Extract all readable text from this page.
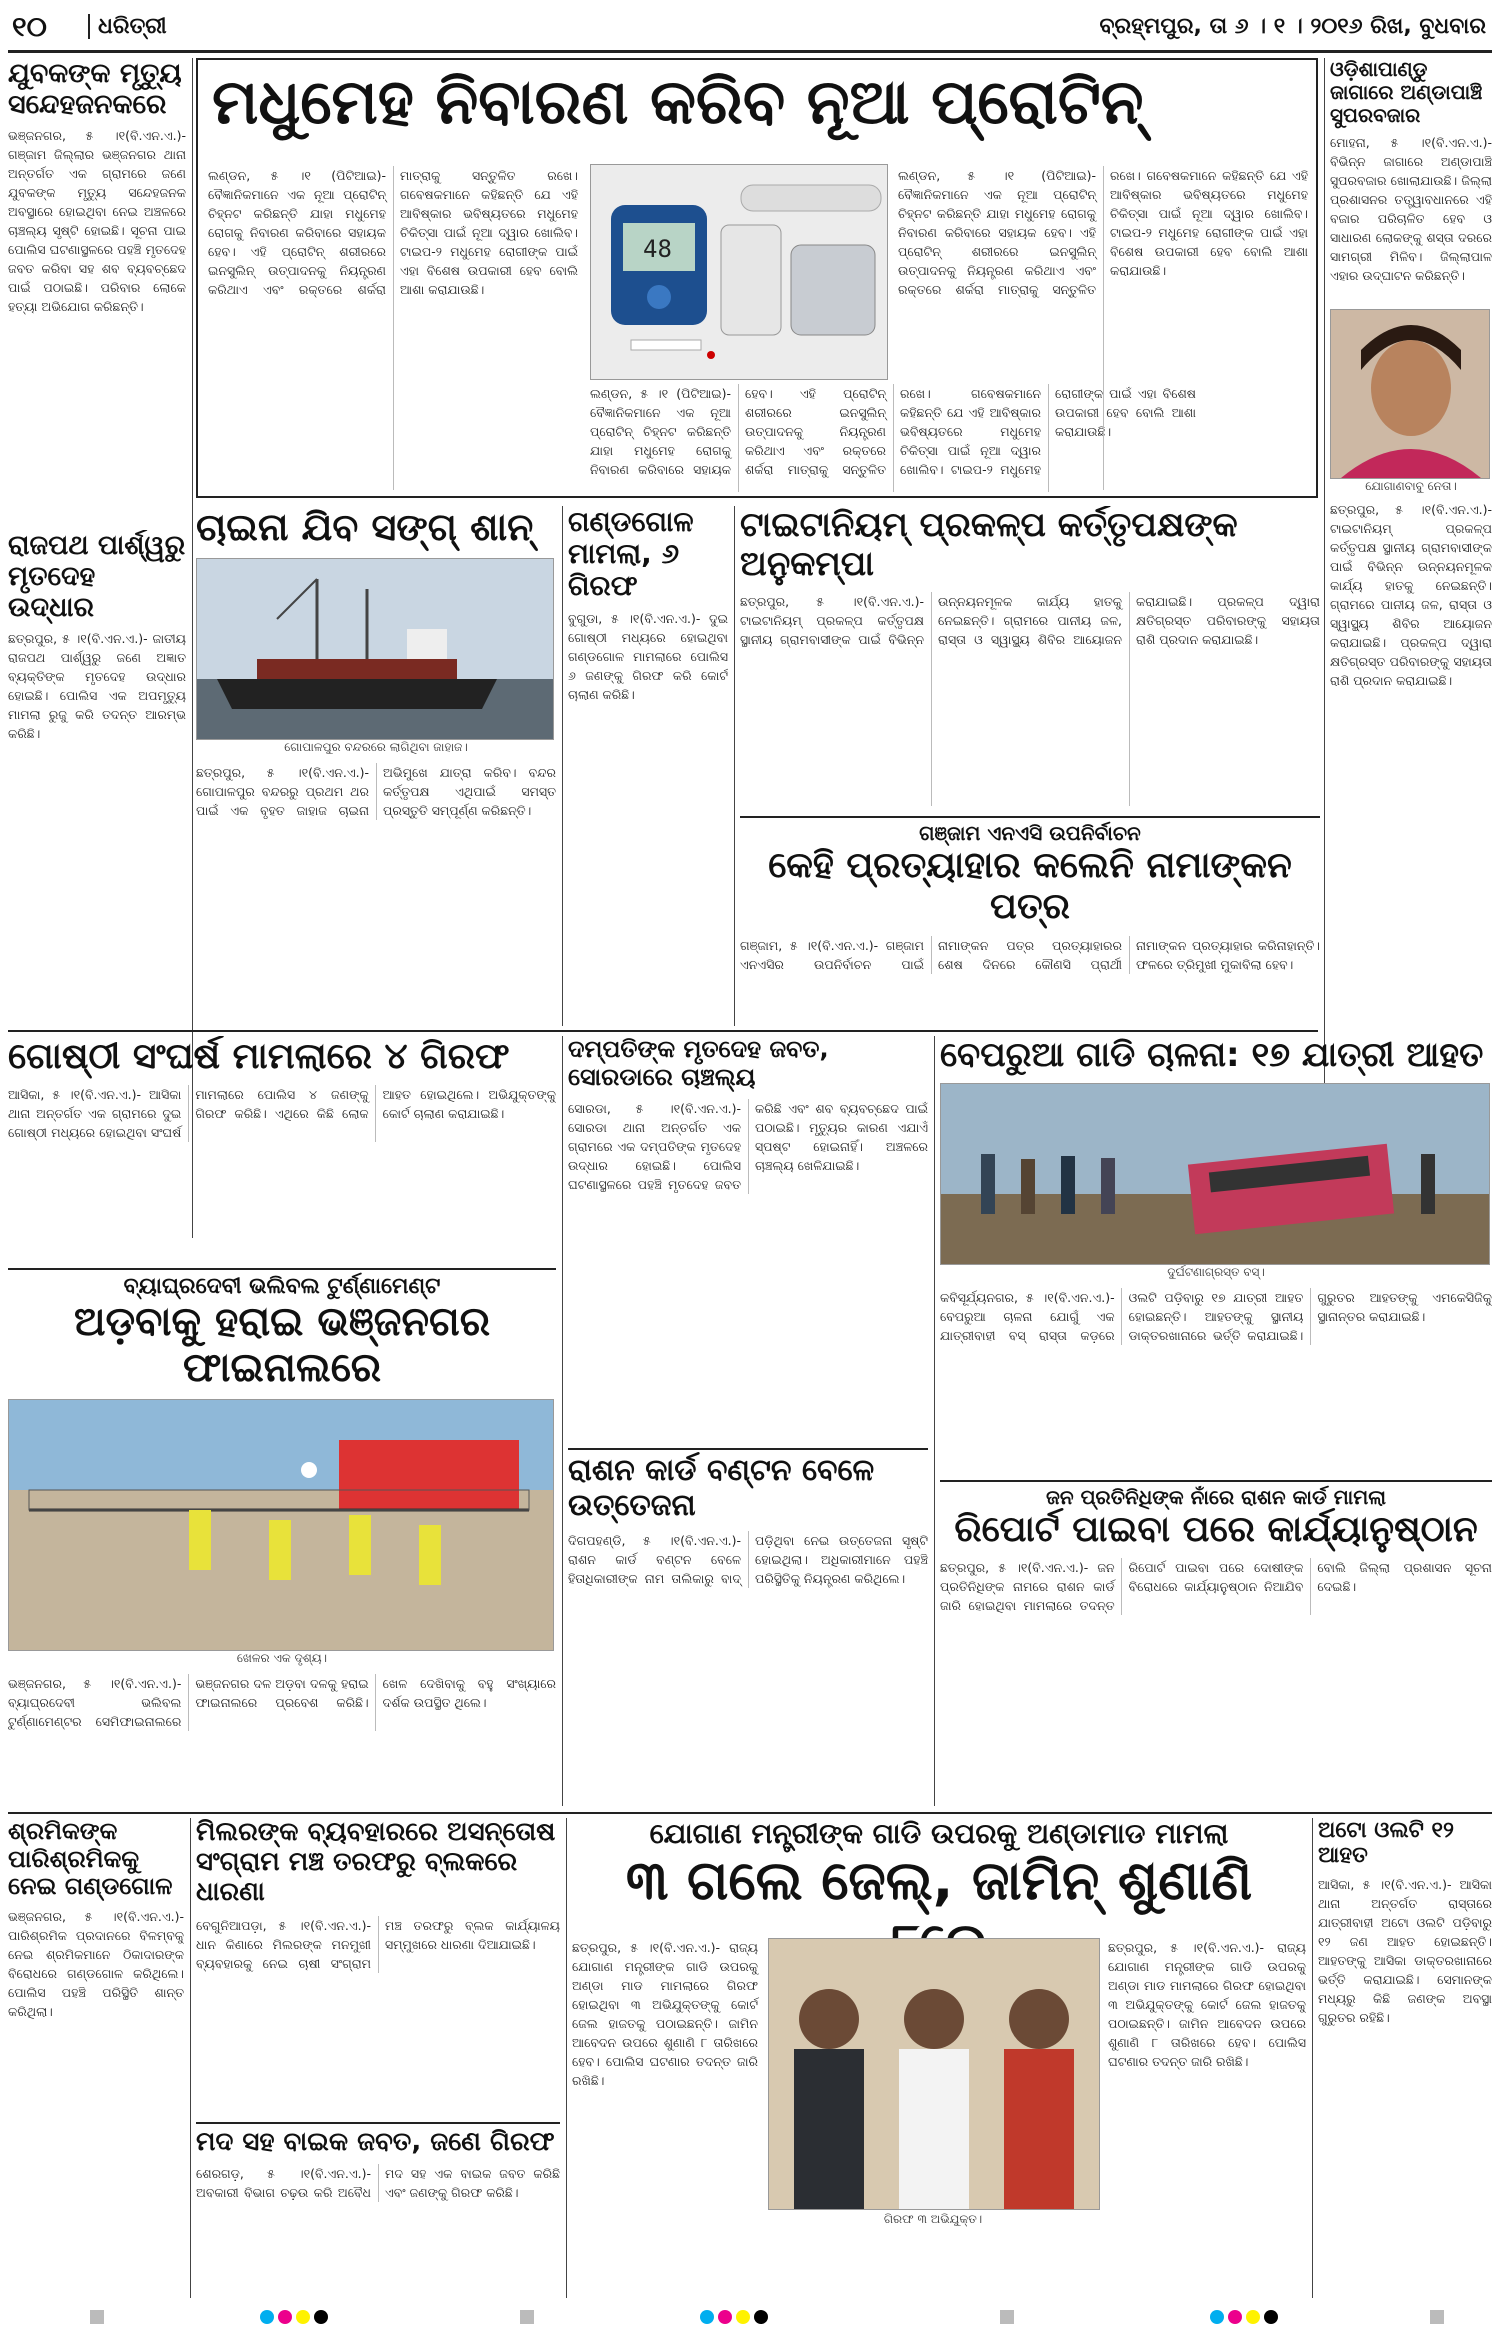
୧୦	ଧରିତ୍ରୀ	ବ୍ରହ୍ମପୁର, ତା ୬ । ୧ । ୨୦୧୬ ରିଖ, ବୁଧବାର
ଯୁବକଙ୍କ ମୃତ୍ୟୁ ସନ୍ଦେହଜନକରେ
ଭଞ୍ଜନଗର, ୫ ।୧(ବି.ଏନ.ଏ.)- ଗଞ୍ଜାମ ଜିଲ୍ଲାର ଭଞ୍ଜନଗର ଥାନା ଅନ୍ତର୍ଗତ ଏକ ଗ୍ରାମରେ ଜଣେ ଯୁବକଙ୍କ ମୃତ୍ୟୁ ସନ୍ଦେହଜନକ ଅବସ୍ଥାରେ ହୋଇଥିବା ନେଇ ଅଞ୍ଚଳରେ ଚାଞ୍ଚଲ୍ୟ ସୃଷ୍ଟି ହୋଇଛି। ସୂଚନା ପାଇ ପୋଲିସ ଘଟଣାସ୍ଥଳରେ ପହଞ୍ଚି ମୃତଦେହ ଜବତ କରିବା ସହ ଶବ ବ୍ୟବଚ୍ଛେଦ ପାଇଁ ପଠାଇଛି। ପରିବାର ଲୋକେ ହତ୍ୟା ଅଭିଯୋଗ କରିଛନ୍ତି।
ରାଜପଥ ପାର୍ଶ୍ୱରୁ ମୃତଦେହ ଉଦ୍ଧାର
ଛତ୍ରପୁର, ୫ ।୧(ବି.ଏନ.ଏ.)- ଜାତୀୟ ରାଜପଥ ପାର୍ଶ୍ୱରୁ ଜଣେ ଅଜ୍ଞାତ ବ୍ୟକ୍ତିଙ୍କ ମୃତଦେହ ଉଦ୍ଧାର ହୋଇଛି। ପୋଲିସ ଏକ ଅପମୃତ୍ୟୁ ମାମଲା ରୁଜୁ କରି ତଦନ୍ତ ଆରମ୍ଭ କରିଛି।
ମଧୁମେହ ନିବାରଣ କରିବ ନୂଆ ପ୍ରୋଟିନ୍
ଲଣ୍ଡନ, ୫ ।୧ (ପିଟିଆଇ)- ବୈଜ୍ଞାନିକମାନେ ଏକ ନୂଆ ପ୍ରୋଟିନ୍ ଚିହ୍ନଟ କରିଛନ୍ତି ଯାହା ମଧୁମେହ ରୋଗକୁ ନିବାରଣ କରିବାରେ ସହାୟକ ହେବ। ଏହି ପ୍ରୋଟିନ୍ ଶରୀରରେ ଇନସୁଲିନ୍ ଉତ୍ପାଦନକୁ ନିୟନ୍ତ୍ରଣ କରିଥାଏ ଏବଂ ରକ୍ତରେ ଶର୍କରା ମାତ୍ରାକୁ ସନ୍ତୁଳିତ ରଖେ। ଗବେଷକମାନେ କହିଛନ୍ତି ଯେ ଏହି ଆବିଷ୍କାର ଭବିଷ୍ୟତରେ ମଧୁମେହ ଚିକିତ୍ସା ପାଇଁ ନୂଆ ଦ୍ୱାର ଖୋଲିବ। ଟାଇପ-୨ ମଧୁମେହ ରୋଗୀଙ୍କ ପାଇଁ ଏହା ବିଶେଷ ଉପକାରୀ ହେବ ବୋଲି ଆଶା କରାଯାଉଛି।
48
ଲଣ୍ଡନ, ୫ ।୧ (ପିଟିଆଇ)- ବୈଜ୍ଞାନିକମାନେ ଏକ ନୂଆ ପ୍ରୋଟିନ୍ ଚିହ୍ନଟ କରିଛନ୍ତି ଯାହା ମଧୁମେହ ରୋଗକୁ ନିବାରଣ କରିବାରେ ସହାୟକ ହେବ। ଏହି ପ୍ରୋଟିନ୍ ଶରୀରରେ ଇନସୁଲିନ୍ ଉତ୍ପାଦନକୁ ନିୟନ୍ତ୍ରଣ କରିଥାଏ ଏବଂ ରକ୍ତରେ ଶର୍କରା ମାତ୍ରାକୁ ସନ୍ତୁଳିତ ରଖେ। ଗବେଷକମାନେ କହିଛନ୍ତି ଯେ ଏହି ଆବିଷ୍କାର ଭବିଷ୍ୟତରେ ମଧୁମେହ ଚିକିତ୍ସା ପାଇଁ ନୂଆ ଦ୍ୱାର ଖୋଲିବ। ଟାଇପ-୨ ମଧୁମେହ ରୋଗୀଙ୍କ ପାଇଁ ଏହା ବିଶେଷ ଉପକାରୀ ହେବ ବୋଲି ଆଶା କରାଯାଉଛି।
ଲଣ୍ଡନ, ୫ ।୧ (ପିଟିଆଇ)- ବୈଜ୍ଞାନିକମାନେ ଏକ ନୂଆ ପ୍ରୋଟିନ୍ ଚିହ୍ନଟ କରିଛନ୍ତି ଯାହା ମଧୁମେହ ରୋଗକୁ ନିବାରଣ କରିବାରେ ସହାୟକ ହେବ। ଏହି ପ୍ରୋଟିନ୍ ଶରୀରରେ ଇନସୁଲିନ୍ ଉତ୍ପାଦନକୁ ନିୟନ୍ତ୍ରଣ କରିଥାଏ ଏବଂ ରକ୍ତରେ ଶର୍କରା ମାତ୍ରାକୁ ସନ୍ତୁଳିତ ରଖେ। ଗବେଷକମାନେ କହିଛନ୍ତି ଯେ ଏହି ଆବିଷ୍କାର ଭବିଷ୍ୟତରେ ମଧୁମେହ ଚିକିତ୍ସା ପାଇଁ ନୂଆ ଦ୍ୱାର ଖୋଲିବ। ଟାଇପ-୨ ମଧୁମେହ ରୋଗୀଙ୍କ ପାଇଁ ଏହା ବିଶେଷ ଉପକାରୀ ହେବ ବୋଲି ଆଶା କରାଯାଉଛି।
ଓଡ଼ିଶାପାଣ୍ଡୁ ଜାଗାରେ ଅଣ୍ଡାପାଞ୍ଚି ସୁପରବଜାର
ମୋହନା, ୫ ।୧(ବି.ଏନ.ଏ.)- ବିଭିନ୍ନ ଜାଗାରେ ଅଣ୍ଡାପାଞ୍ଚି ସୁପରବଜାର ଖୋଲାଯାଉଛି। ଜିଲ୍ଲା ପ୍ରଶାସନର ତତ୍ତ୍ୱାବଧାନରେ ଏହି ବଜାର ପରିଚାଳିତ ହେବ ଓ ସାଧାରଣ ଲୋକଙ୍କୁ ଶସ୍ତା ଦରରେ ସାମଗ୍ରୀ ମିଳିବ। ଜିଲ୍ଲାପାଳ ଏହାର ଉଦ୍‌ଘାଟନ କରିଛନ୍ତି।
ଯୋଗାଣବାବୁ ନେତା।
ଛତ୍ରପୁର, ୫ ।୧(ବି.ଏନ.ଏ.)- ଟାଇଟାନିୟମ୍ ପ୍ରକଳ୍ପ କର୍ତ୍ତୃପକ୍ଷ ସ୍ଥାନୀୟ ଗ୍ରାମବାସୀଙ୍କ ପାଇଁ ବିଭିନ୍ନ ଉନ୍ନୟନମୂଳକ କାର୍ଯ୍ୟ ହାତକୁ ନେଇଛନ୍ତି। ଗ୍ରାମରେ ପାନୀୟ ଜଳ, ରାସ୍ତା ଓ ସ୍ୱାସ୍ଥ୍ୟ ଶିବିର ଆୟୋଜନ କରାଯାଇଛି। ପ୍ରକଳ୍ପ ଦ୍ୱାରା କ୍ଷତିଗ୍ରସ୍ତ ପରିବାରଙ୍କୁ ସହାୟତା ରାଶି ପ୍ରଦାନ କରାଯାଇଛି।
ଚାଇନା ଯିବ ସଙ୍ଗ୍ ଶାନ୍
ଗୋପାଳପୁର ବନ୍ଦରରେ ଲାଗିଥିବା ଜାହାଜ।
ଛତ୍ରପୁର, ୫ ।୧(ବି.ଏନ.ଏ.)- ଗୋପାଳପୁର ବନ୍ଦରରୁ ପ୍ରଥମ ଥର ପାଇଁ ଏକ ବୃହତ ଜାହାଜ ଚାଇନା ଅଭିମୁଖେ ଯାତ୍ରା କରିବ। ବନ୍ଦର କର୍ତ୍ତୃପକ୍ଷ ଏଥିପାଇଁ ସମସ୍ତ ପ୍ରସ୍ତୁତି ସମ୍ପୂର୍ଣ୍ଣ କରିଛନ୍ତି।
ଗଣ୍ଡଗୋଳ ମାମଲା, ୬ ଗିରଫ
ବୁଗୁଡା, ୫ ।୧(ବି.ଏନ.ଏ.)- ଦୁଇ ଗୋଷ୍ଠୀ ମଧ୍ୟରେ ହୋଇଥିବା ଗଣ୍ଡଗୋଳ ମାମଲାରେ ପୋଲିସ ୬ ଜଣଙ୍କୁ ଗିରଫ କରି କୋର୍ଟ ଚାଲାଣ କରିଛି।
ଟାଇଟାନିୟମ୍ ପ୍ରକଳ୍ପ କର୍ତ୍ତୃପକ୍ଷଙ୍କ ଅନୁକମ୍ପା
ଛତ୍ରପୁର, ୫ ।୧(ବି.ଏନ.ଏ.)- ଟାଇଟାନିୟମ୍ ପ୍ରକଳ୍ପ କର୍ତ୍ତୃପକ୍ଷ ସ୍ଥାନୀୟ ଗ୍ରାମବାସୀଙ୍କ ପାଇଁ ବିଭିନ୍ନ ଉନ୍ନୟନମୂଳକ କାର୍ଯ୍ୟ ହାତକୁ ନେଇଛନ୍ତି। ଗ୍ରାମରେ ପାନୀୟ ଜଳ, ରାସ୍ତା ଓ ସ୍ୱାସ୍ଥ୍ୟ ଶିବିର ଆୟୋଜନ କରାଯାଇଛି। ପ୍ରକଳ୍ପ ଦ୍ୱାରା କ୍ଷତିଗ୍ରସ୍ତ ପରିବାରଙ୍କୁ ସହାୟତା ରାଶି ପ୍ରଦାନ କରାଯାଇଛି।
ଗଞ୍ଜାମ ଏନଏସି ଉପନିର୍ବାଚନ
କେହି ପ୍ରତ୍ୟାହାର କଲେନି ନାମାଙ୍କନ ପତ୍ର
ଗଞ୍ଜାମ, ୫ ।୧(ବି.ଏନ.ଏ.)- ଗଞ୍ଜାମ ଏନଏସିର ଉପନିର୍ବାଚନ ପାଇଁ ନାମାଙ୍କନ ପତ୍ର ପ୍ରତ୍ୟାହାରର ଶେଷ ଦିନରେ କୌଣସି ପ୍ରାର୍ଥୀ ନାମାଙ୍କନ ପ୍ରତ୍ୟାହାର କରିନାହାନ୍ତି। ଫଳରେ ତ୍ରିମୁଖୀ ମୁକାବିଲା ହେବ।
ଗୋଷ୍ଠୀ ସଂଘର୍ଷ ମାମଲାରେ ୪ ଗିରଫ
ଆସିକା, ୫ ।୧(ବି.ଏନ.ଏ.)- ଆସିକା ଥାନା ଅନ୍ତର୍ଗତ ଏକ ଗ୍ରାମରେ ଦୁଇ ଗୋଷ୍ଠୀ ମଧ୍ୟରେ ହୋଇଥିବା ସଂଘର୍ଷ ମାମଲାରେ ପୋଲିସ ୪ ଜଣଙ୍କୁ ଗିରଫ କରିଛି। ଏଥିରେ କିଛି ଲୋକ ଆହତ ହୋଇଥିଲେ। ଅଭିଯୁକ୍ତଙ୍କୁ କୋର୍ଟ ଚାଲାଣ କରାଯାଇଛି।
ବ୍ୟାଘ୍ରଦେବୀ ଭଲିବଲ ଟୁର୍ଣ୍ଣାମେଣ୍ଟ
ଅଡ଼ବାକୁ ହରାଇ ଭଞ୍ଜନଗର ଫାଇନାଲରେ
ଖେଳର ଏକ ଦୃଶ୍ୟ।
ଭଞ୍ଜନଗର, ୫ ।୧(ବି.ଏନ.ଏ.)- ବ୍ୟାଘ୍ରଦେବୀ ଭଲିବଲ ଟୁର୍ଣ୍ଣାମେଣ୍ଟର ସେମିଫାଇନାଲରେ ଭଞ୍ଜନଗର ଦଳ ଅଡ଼ବା ଦଳକୁ ହରାଇ ଫାଇନାଲରେ ପ୍ରବେଶ କରିଛି। ଖେଳ ଦେଖିବାକୁ ବହୁ ସଂଖ୍ୟାରେ ଦର୍ଶକ ଉପସ୍ଥିତ ଥିଲେ।
ଦମ୍ପତିଙ୍କ ମୃତଦେହ ଜବତ, ସୋରଡାରେ ଚାଞ୍ଚଲ୍ୟ
ସୋରଡା, ୫ ।୧(ବି.ଏନ.ଏ.)- ସୋରଡା ଥାନା ଅନ୍ତର୍ଗତ ଏକ ଗ୍ରାମରେ ଏକ ଦମ୍ପତିଙ୍କ ମୃତଦେହ ଉଦ୍ଧାର ହୋଇଛି। ପୋଲିସ ଘଟଣାସ୍ଥଳରେ ପହଞ୍ଚି ମୃତଦେହ ଜବତ କରିଛି ଏବଂ ଶବ ବ୍ୟବଚ୍ଛେଦ ପାଇଁ ପଠାଇଛି। ମୃତ୍ୟୁର କାରଣ ଏଯାଏଁ ସ୍ପଷ୍ଟ ହୋଇନାହିଁ। ଅଞ୍ଚଳରେ ଚାଞ୍ଚଲ୍ୟ ଖେଳିଯାଇଛି।
ରାଶନ କାର୍ଡ ବଣ୍ଟନ ବେଳେ ଉତ୍ତେଜନା
ଦିଗପହଣ୍ଡି, ୫ ।୧(ବି.ଏନ.ଏ.)- ରାଶନ କାର୍ଡ ବଣ୍ଟନ ବେଳେ ହିତାଧିକାରୀଙ୍କ ନାମ ତାଲିକାରୁ ବାଦ୍ ପଡ଼ିଥିବା ନେଇ ଉତ୍ତେଜନା ସୃଷ୍ଟି ହୋଇଥିଲା। ଅଧିକାରୀମାନେ ପହଞ୍ଚି ପରିସ୍ଥିତିକୁ ନିୟନ୍ତ୍ରଣ କରିଥିଲେ।
ବେପରୁଆ ଗାଡି ଚାଳନା: ୧୭ ଯାତ୍ରୀ ଆହତ
ଦୁର୍ଘଟଣାଗ୍ରସ୍ତ ବସ୍।
କବିସୂର୍ଯ୍ୟନଗର, ୫ ।୧(ବି.ଏନ.ଏ.)- ବେପରୁଆ ଚାଳନା ଯୋଗୁଁ ଏକ ଯାତ୍ରୀବାହୀ ବସ୍ ରାସ୍ତା କଡ଼ରେ ଓଲଟି ପଡ଼ିବାରୁ ୧୭ ଯାତ୍ରୀ ଆହତ ହୋଇଛନ୍ତି। ଆହତଙ୍କୁ ସ୍ଥାନୀୟ ଡାକ୍ତରଖାନାରେ ଭର୍ତ୍ତି କରାଯାଇଛି। ଗୁରୁତର ଆହତଙ୍କୁ ଏମକେସିଜିକୁ ସ୍ଥାନାନ୍ତର କରାଯାଇଛି।
ଜନ ପ୍ରତିନିଧିଙ୍କ ନାଁରେ ରାଶନ କାର୍ଡ ମାମଲା
ରିପୋର୍ଟ ପାଇବା ପରେ କାର୍ଯ୍ୟାନୁଷ୍ଠାନ
ଛତ୍ରପୁର, ୫ ।୧(ବି.ଏନ.ଏ.)- ଜନ ପ୍ରତିନିଧିଙ୍କ ନାମରେ ରାଶନ କାର୍ଡ ଜାରି ହୋଇଥିବା ମାମଲାରେ ତଦନ୍ତ ରିପୋର୍ଟ ପାଇବା ପରେ ଦୋଷୀଙ୍କ ବିରୋଧରେ କାର୍ଯ୍ୟାନୁଷ୍ଠାନ ନିଆଯିବ ବୋଲି ଜିଲ୍ଲା ପ୍ରଶାସନ ସୂଚନା ଦେଇଛି।
ଶ୍ରମିକଙ୍କ ପାରିଶ୍ରମିକକୁ ନେଇ ଗଣ୍ଡଗୋଳ
ଭଞ୍ଜନଗର, ୫ ।୧(ବି.ଏନ.ଏ.)- ପାରିଶ୍ରମିକ ପ୍ରଦାନରେ ବିଳମ୍ବକୁ ନେଇ ଶ୍ରମିକମାନେ ଠିକାଦାରଙ୍କ ବିରୋଧରେ ଗଣ୍ଡଗୋଳ କରିଥିଲେ। ପୋଲିସ ପହଞ୍ଚି ପରିସ୍ଥିତି ଶାନ୍ତ କରିଥିଲା।
ମିଲରଙ୍କ ବ୍ୟବହାରରେ ଅସନ୍ତୋଷ ସଂଗ୍ରାମ ମଞ୍ଚ ତରଫରୁ ବ୍ଲକରେ ଧାରଣା
ବେଗୁନିଆପଡ଼ା, ୫ ।୧(ବି.ଏନ.ଏ.)- ଧାନ କିଣାରେ ମିଲରଙ୍କ ମନମୁଖୀ ବ୍ୟବହାରକୁ ନେଇ ଚାଷୀ ସଂଗ୍ରାମ ମଞ୍ଚ ତରଫରୁ ବ୍ଲକ କାର୍ଯ୍ୟାଳୟ ସମ୍ମୁଖରେ ଧାରଣା ଦିଆଯାଇଛି।
ମଦ ସହ ବାଇକ ଜବତ, ଜଣେ ଗିରଫ
ଶେରଗଡ଼, ୫ ।୧(ବି.ଏନ.ଏ.)- ଅବକାରୀ ବିଭାଗ ଚଢ଼ଉ କରି ଅବୈଧ ମଦ ସହ ଏକ ବାଇକ ଜବତ କରିଛି ଏବଂ ଜଣଙ୍କୁ ଗିରଫ କରିଛି।
ଯୋଗାଣ ମନ୍ତ୍ରୀଙ୍କ ଗାଡି ଉପରକୁ ଅଣ୍ଡାମାଡ ମାମଲା
୩ ଗଲେ ଜେଲ୍, ଜାମିନ୍ ଶୁଣାଣି
ଛତ୍ରପୁର, ୫ ।୧(ବି.ଏନ.ଏ.)- ରାଜ୍ୟ ଯୋଗାଣ ମନ୍ତ୍ରୀଙ୍କ ଗାଡି ଉପରକୁ ଅଣ୍ଡା ମାଡ ମାମଲାରେ ଗିରଫ ହୋଇଥିବା ୩ ଅଭିଯୁକ୍ତଙ୍କୁ କୋର୍ଟ ଜେଲ ହାଜତକୁ ପଠାଇଛନ୍ତି। ଜାମିନ ଆବେଦନ ଉପରେ ଶୁଣାଣି ୮ ତାରିଖରେ ହେବ। ପୋଲିସ ଘଟଣାର ତଦନ୍ତ ଜାରି ରଖିଛି।
ଗିରଫ ୩ ଅଭିଯୁକ୍ତ।
ଛତ୍ରପୁର, ୫ ।୧(ବି.ଏନ.ଏ.)- ରାଜ୍ୟ ଯୋଗାଣ ମନ୍ତ୍ରୀଙ୍କ ଗାଡି ଉପରକୁ ଅଣ୍ଡା ମାଡ ମାମଲାରେ ଗିରଫ ହୋଇଥିବା ୩ ଅଭିଯୁକ୍ତଙ୍କୁ କୋର୍ଟ ଜେଲ ହାଜତକୁ ପଠାଇଛନ୍ତି। ଜାମିନ ଆବେଦନ ଉପରେ ଶୁଣାଣି ୮ ତାରିଖରେ ହେବ। ପୋଲିସ ଘଟଣାର ତଦନ୍ତ ଜାରି ରଖିଛି।
ଅଟୋ ଓଲଟି ୧୨ ଆହତ
ଆସିକା, ୫ ।୧(ବି.ଏନ.ଏ.)- ଆସିକା ଥାନା ଅନ୍ତର୍ଗତ ରାସ୍ତାରେ ଯାତ୍ରୀବାହୀ ଅଟୋ ଓଲଟି ପଡ଼ିବାରୁ ୧୨ ଜଣ ଆହତ ହୋଇଛନ୍ତି। ଆହତଙ୍କୁ ଆସିକା ଡାକ୍ତରଖାନାରେ ଭର୍ତ୍ତି କରାଯାଇଛି। ସେମାନଙ୍କ ମଧ୍ୟରୁ କିଛି ଜଣଙ୍କ ଅବସ୍ଥା ଗୁରୁତର ରହିଛି।
